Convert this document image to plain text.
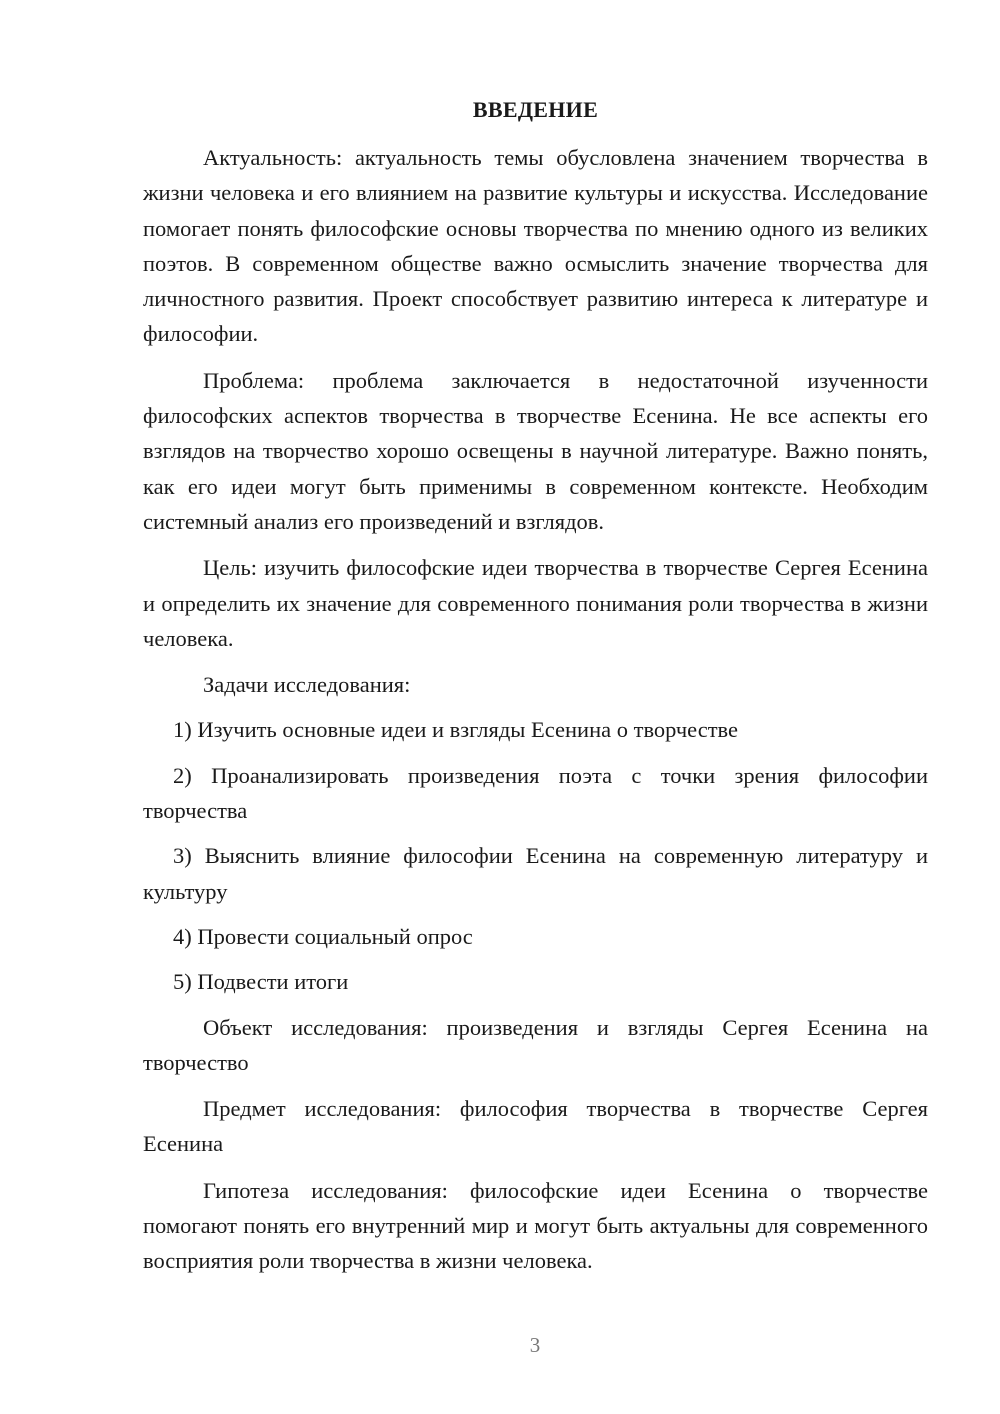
ВВЕДЕНИЕ

Актуальность: актуальность темы обусловлена значением творчества в жизни человека и его влиянием на развитие культуры и искусства. Исследование помогает понять философские основы творчества по мнению одного из великих поэтов. В современном обществе важно осмыслить значение творчества для личностного развития. Проект способствует развитию интереса к литературе и философии.

Проблема: проблема заключается в недостаточной изученности философских аспектов творчества в творчестве Есенина. Не все аспекты его взглядов на творчество хорошо освещены в научной литературе. Важно понять, как его идеи могут быть применимы в современном контексте. Необходим системный анализ его произведений и взглядов.

Цель: изучить философские идеи творчества в творчестве Сергея Есенина и определить их значение для современного понимания роли творчества в жизни человека.

Задачи исследования:

1) Изучить основные идеи и взгляды Есенина о творчестве

2) Проанализировать произведения поэта с точки зрения философии творчества

3) Выяснить влияние философии Есенина на современную литературу и культуру

4) Провести социальный опрос

5) Подвести итоги

Объект исследования: произведения и взгляды Сергея Есенина на творчество

Предмет исследования: философия творчества в творчестве Сергея Есенина

Гипотеза исследования: философские идеи Есенина о творчестве помогают понять его внутренний мир и могут быть актуальны для современного восприятия роли творчества в жизни человека.

3
